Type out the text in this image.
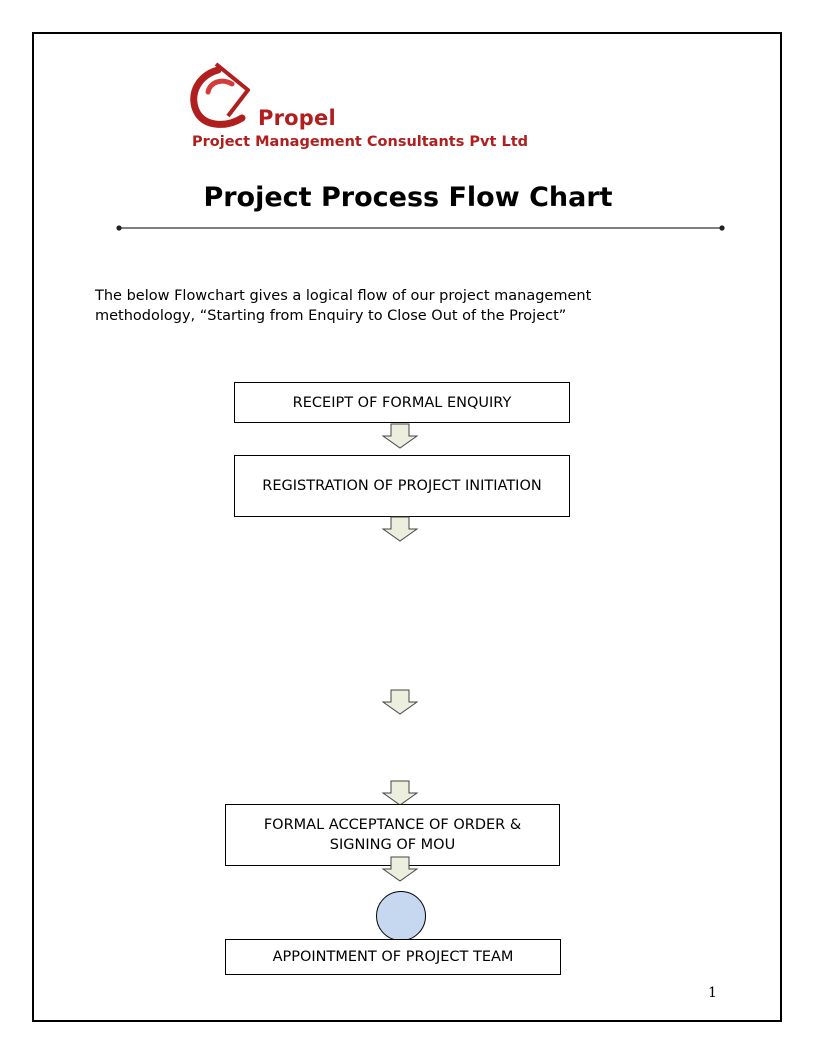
Propel
Project Management Consultants Pvt Ltd
Project Process Flow Chart
The below Flowchart gives a logical flow of our project management
methodology, “Starting from Enquiry to Close Out of the Project”
RECEIPT OF FORMAL ENQUIRY
REGISTRATION OF PROJECT INITIATION
FORMAL ACCEPTANCE OF ORDER & SIGNING OF MOU
APPOINTMENT OF PROJECT TEAM
1
